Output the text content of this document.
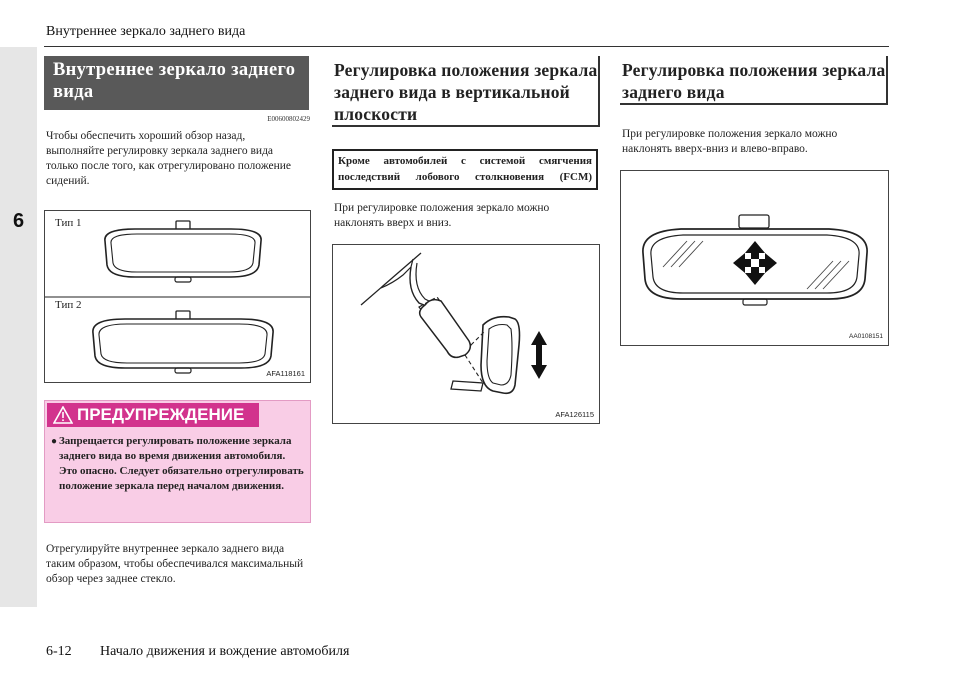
6
Внутреннее зеркало заднего вида
Внутреннее зеркало заднего вида
E00600802429
Чтобы обеспечить хороший обзор назад, выполняйте регулировку зеркала заднего вида только после того, как отрегулировано положение сидений.
Тип 1
Тип 2
AFA118161
ПРЕДУПРЕЖДЕНИЕ
● Запрещается регулировать положение зеркала заднего вида во время движения автомобиля. Это опасно. Следует обязательно отрегулировать положение зеркала перед началом движения.
Отрегулируйте внутреннее зеркало заднего вида таким образом, чтобы обеспечивался максимальный обзор через заднее стекло.
Регулировка положения зеркала заднего вида в вертикальной плоскости
Кроме автомобилей с системой смягчения последствий лобового столкновения (FCM)
При регулировке положения зеркало можно наклонять вверх и вниз.
AFA126115
Регулировка положения зеркала заднего вида
При регулировке положения зеркало можно наклонять вверх-вниз и влево-вправо.
AA0108151
6-12 Начало движения и вождение автомобиля
